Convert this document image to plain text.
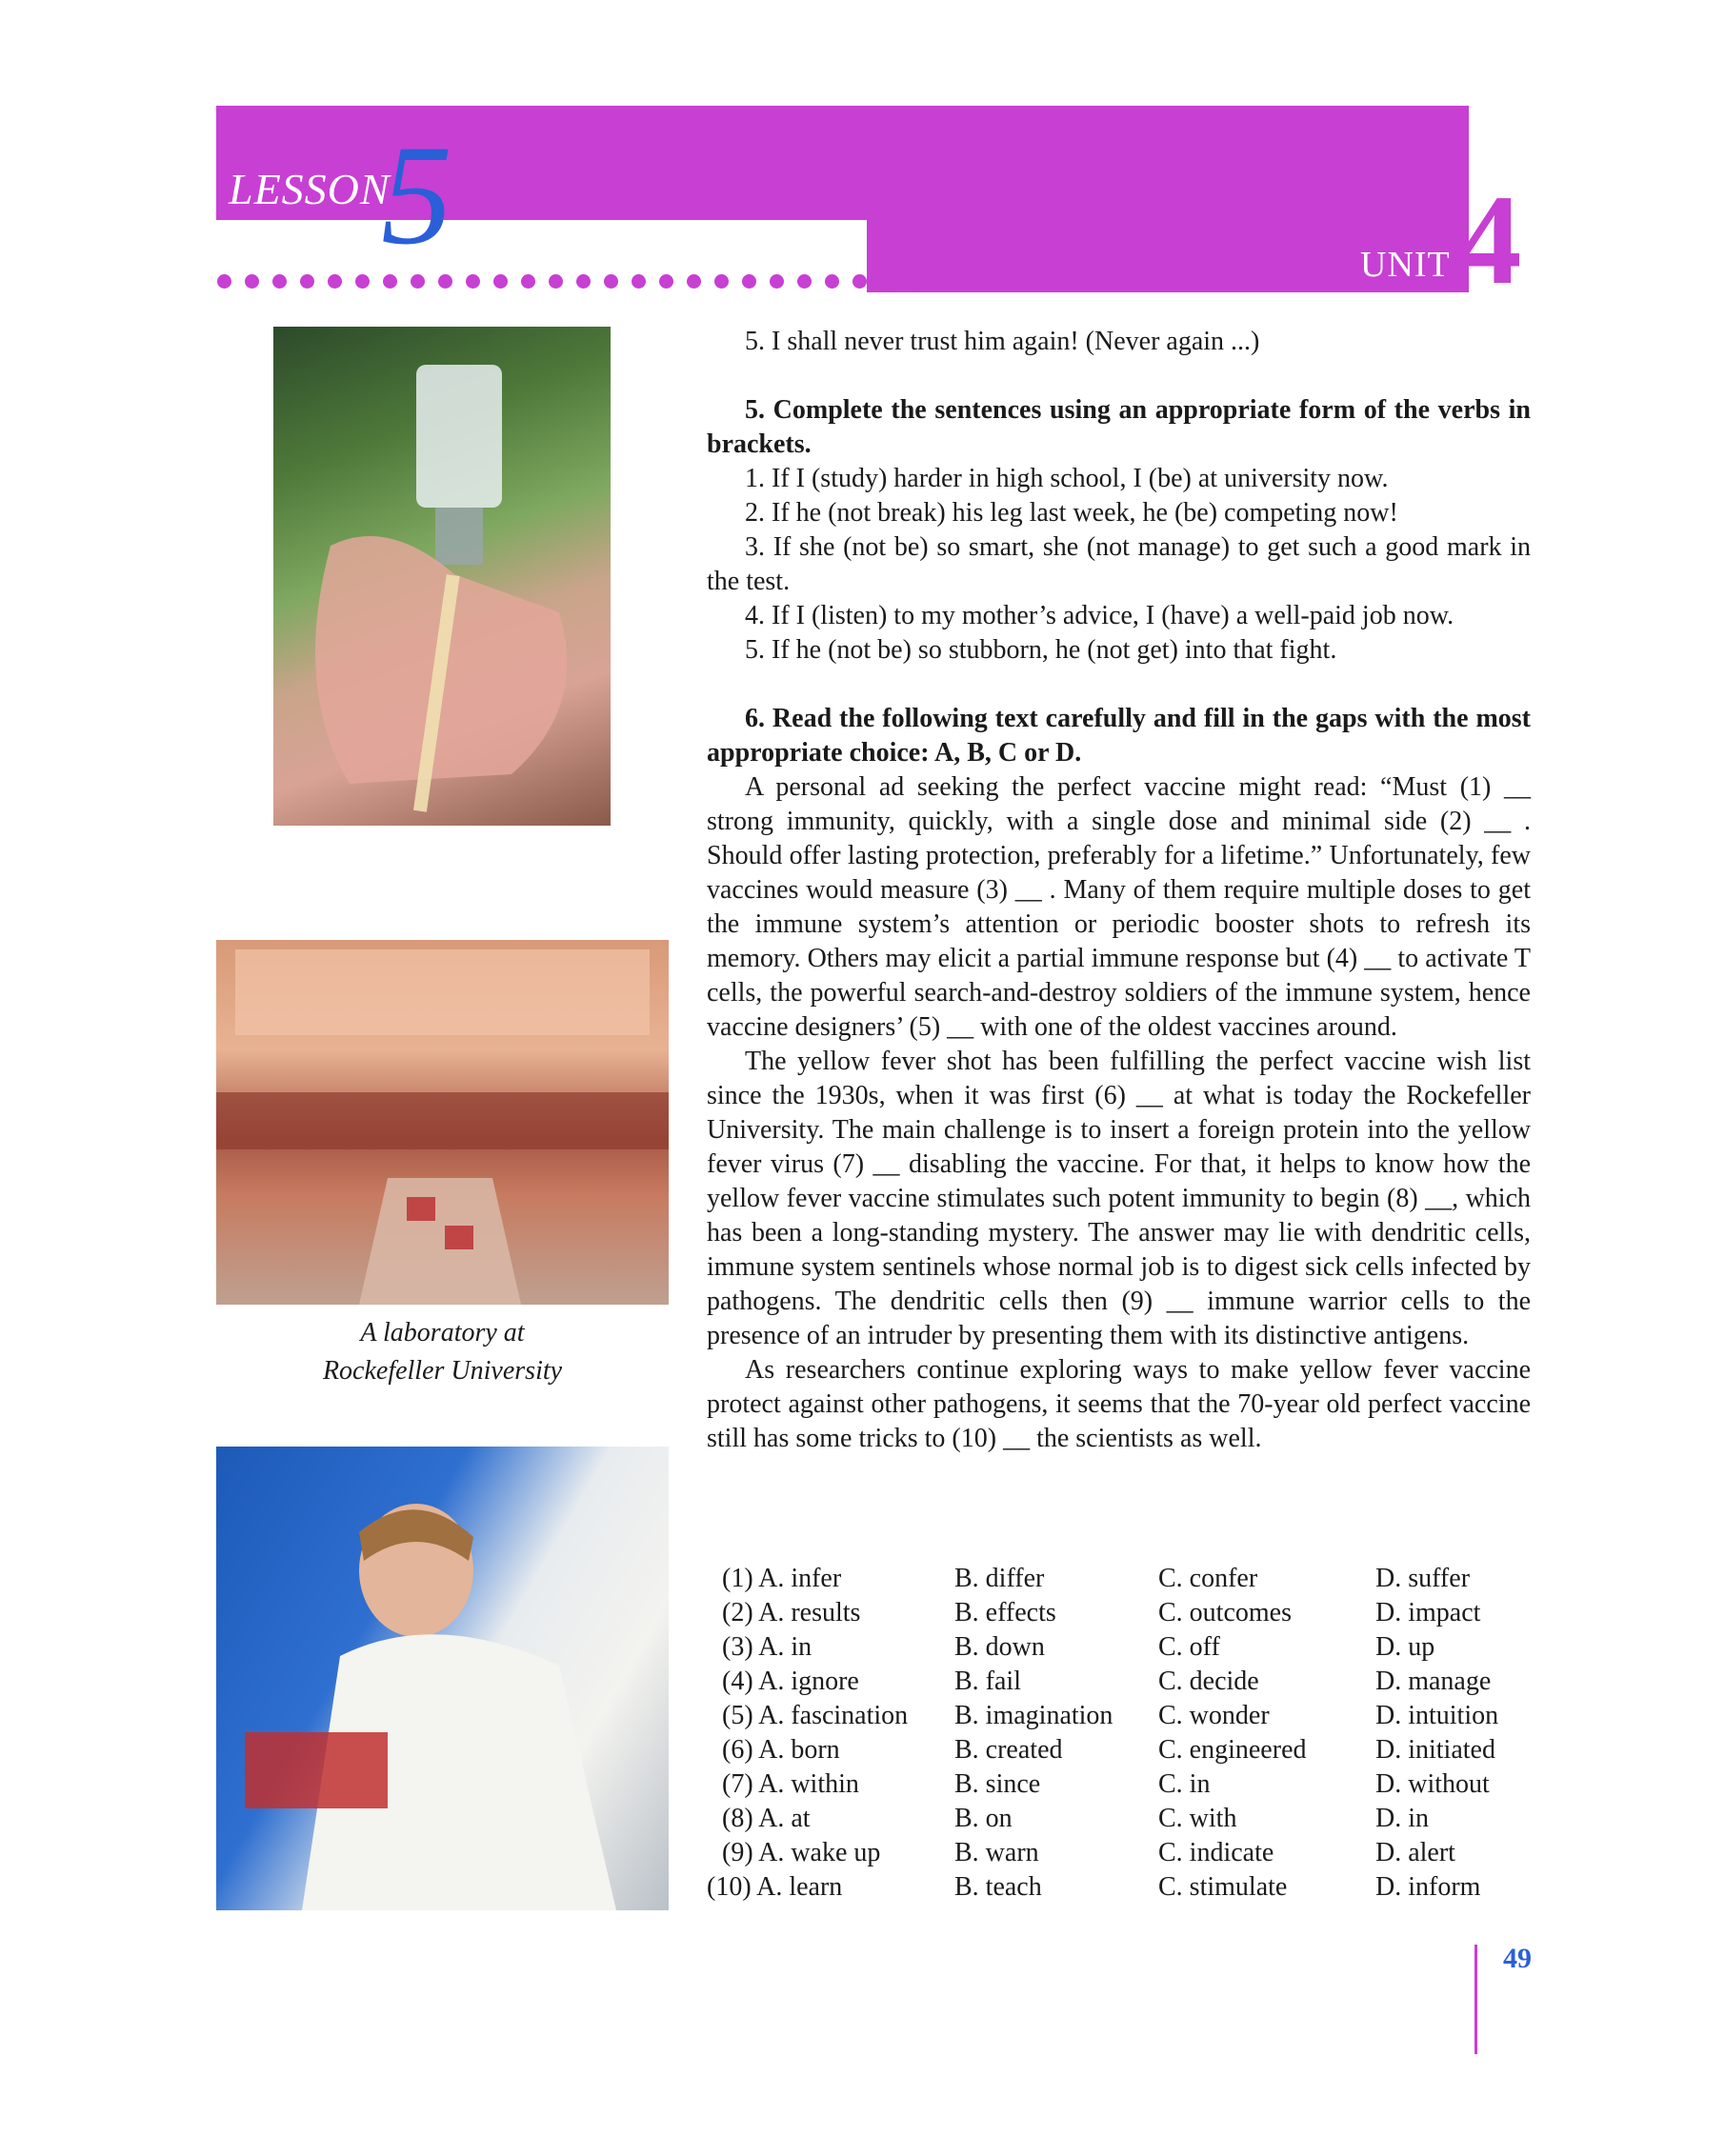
LESSON
5	UNIT 4
A laboratory at
Rockefeller University

5. I shall never trust him again! (Never again ...)

5. Complete the sentences using an appropriate form of the verbs in brackets.

1. If I (study) harder in high school, I (be) at university now.

2. If he (not break) his leg last week, he (be) competing now!

3. If she (not be) so smart, she (not manage) to get such a good mark in the test.

4. If I (listen) to my mother’s advice, I (have) a well-paid job now.

5. If he (not be) so stubborn, he (not get) into that fight.

6. Read the following text carefully and fill in the gaps with the most appropriate choice: A, B, C or D.

A personal ad seeking the perfect vaccine might read: “Must (1) __ strong immunity, quickly, with a single dose and minimal side (2) __ . Should offer lasting protection, preferably for a lifetime.” Unfortunately, few vaccines would measure (3) __ . Many of them require multiple doses to get the immune system’s attention or periodic booster shots to refresh its memory. Others may elicit a partial immune response but (4) __ to activate T cells, the powerful search-and-destroy soldiers of the immune system, hence vaccine designers’ (5) __ with one of the oldest vaccines around.

The yellow fever shot has been fulfilling the perfect vaccine wish list since the 1930s, when it was first (6) __ at what is today the Rockefeller University. The main challenge is to insert a foreign protein into the yellow fever virus (7) __ disabling the vaccine. For that, it helps to know how the yellow fever vaccine stimulates such potent immunity to begin (8) __, which has been a long-standing mystery. The answer may lie with dendritic cells, immune system sentinels whose normal job is to digest sick cells infected by pathogens. The dendritic cells then (9) __ immune warrior cells to the presence of an intruder by presenting them with its distinctive antigens.

As researchers continue exploring ways to make yellow fever vaccine protect against other pathogens, it seems that the 70-year old perfect vaccine still has some tricks to (10) __ the scientists as well.

(1) A. infer	B. differ	C. confer	D. suffer
(2) A. results	B. effects	C. outcomes	D. impact
(3) A. in	B. down	C. off	D. up
(4) A. ignore	B. fail	C. decide	D. manage
(5) A. fascination	B. imagination	C. wonder	D. intuition
(6) A. born	B. created	C. engineered	D. initiated
(7) A. within	B. since	C. in	D. without
(8) A. at	B. on	C. with	D. in
(9) A. wake up	B. warn	C. indicate	D. alert
(10) A. learn	B. teach	C. stimulate	D. inform
49
